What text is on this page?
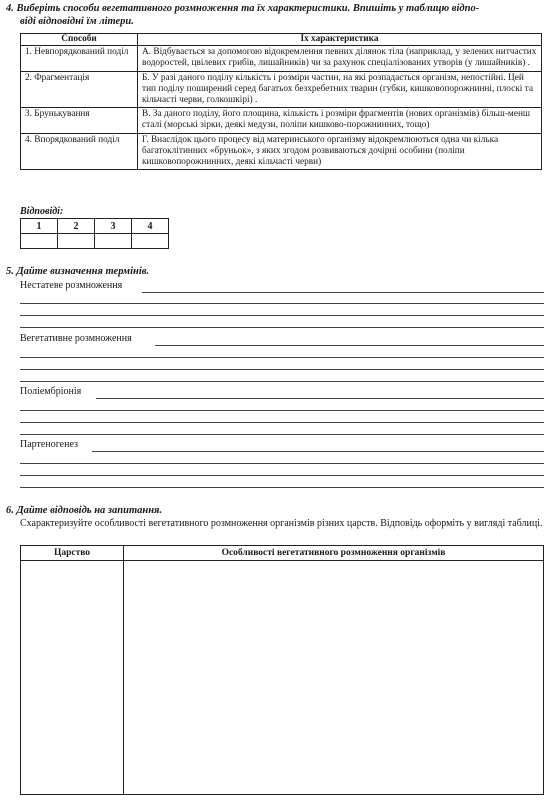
4. Виберіть способи вегетативного розмноження та їх характеристики. Впишіть у таблицю відпо-
віді відповідні їм літери.
Способи	Їх характеристика
1. Невпорядкований поділ	А. Відбувається за допомогою відокремлення певних ділянок тіла (наприклад, у зелених нитчастих водоростей, цвілевих грибів, лишайників) чи за рахунок спеціалізованих утворів (у лишайників) .
2. Фрагментація	Б. У разі даного поділу кількість і розміри частин, на які розпадається організм, непостійні. Цей тип поділу поширений серед багатьох безхребетних тварин (губки, кишковопорожнинні, плоскі та кільчасті черви, голкошкірі) .
3. Брунькування	В. За даного поділу, його площина, кількість і розміри фрагментів (нових організмів) більш-менш сталі (морські зірки, деякі медузи, поліпи кишково-порожнинних, тощо)
4. Впорядкований поділ	Г. Внаслідок цього процесу від материнського організму відокремлюються одна чи кілька багатоклітинних «бруньок», з яких згодом розвиваються дочірні особини (поліпи кишковопорожнинних, деякі кільчасті черви)
Відповіді:
1	2	3	4

5. Дайте визначення термінів.
Нестатеве розмноження
Вегетативне розмноження
Поліембріонія
Партеногенез
6. Дайте відповідь на запитання.
Схарактеризуйте особливості вегетативного розмноження організмів різних царств. Відповідь оформіть у вигляді таблиці.
Царство	Особливості вегетативного розмноження організмів
